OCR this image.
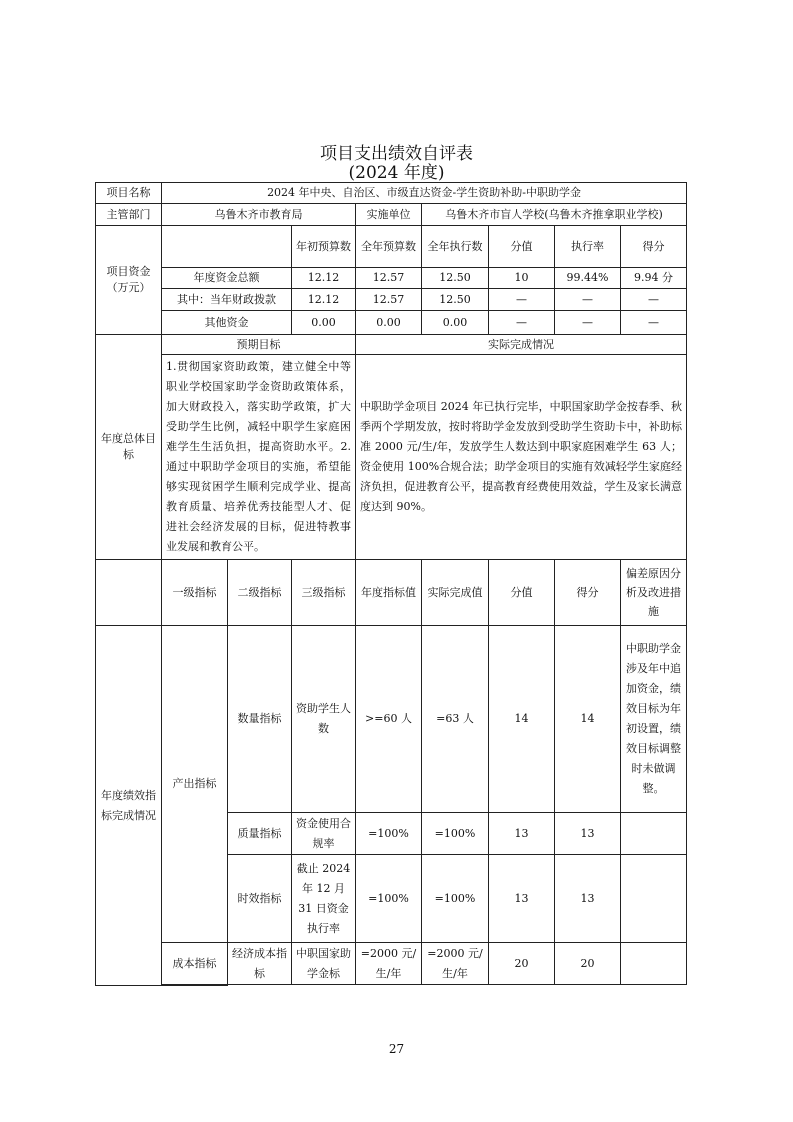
项目支出绩效自评表
(2024 年度)
项目名称	2024 年中央、自治区、市级直达资金-学生资助补助-中职助学金							
主管部门	乌鲁木齐市教育局			实施单位	乌鲁木齐市盲人学校(乌鲁木齐推拿职业学校)			
项目资金（万元）			年初预算数	全年预算数	全年执行数	分值	执行率	得分
	年度资金总额		12.12	12.57	12.50	10	99.44%	9.94 分
	其中：当年财政拨款		12.12	12.57	12.50	—	—	—
	其他资金		0.00	0.00	0.00	—	—	—
年度总体目标	预期目标			实际完成情况				
	1.贯彻国家资助政策，建立健全中等职业学校国家助学金资助政策体系，加大财政投入，落实助学政策，扩大受助学生比例，减轻中职学生家庭困难学生生活负担，提高资助水平。2.通过中职助学金项目的实施，希望能够实现贫困学生顺利完成学业、提高教育质量、培养优秀技能型人才、促进社会经济发展的目标，促进特教事业发展和教育公平。			中职助学金项目 2024 年已执行完毕，中职国家助学金按春季、秋季两个学期发放，按时将助学金发放到受助学生资助卡中，补助标准 2000 元/生/年，发放学生人数达到中职家庭困难学生 63 人；资金使用 100%合规合法；助学金项目的实施有效减轻学生家庭经济负担，促进教育公平，提高教育经费使用效益，学生及家长满意度达到 90%。				
	一级指标	二级指标	三级指标	年度指标值	实际完成值	分值	得分	偏差原因分析及改进措施
年度绩效指标完成情况	产出指标	数量指标	资助学生人数	>=60 人	=63 人	14	14	中职助学金涉及年中追加资金，绩效目标为年初设置，绩效目标调整时未做调整。
		质量指标	资金使用合规率	=100%	=100%	13	13	
		时效指标	截止 2024 年 12 月 31 日资金执行率	=100%	=100%	13	13	
	成本指标	经济成本指标	中职国家助学金标	=2000 元/生/年	=2000 元/生/年	20	20	

27
